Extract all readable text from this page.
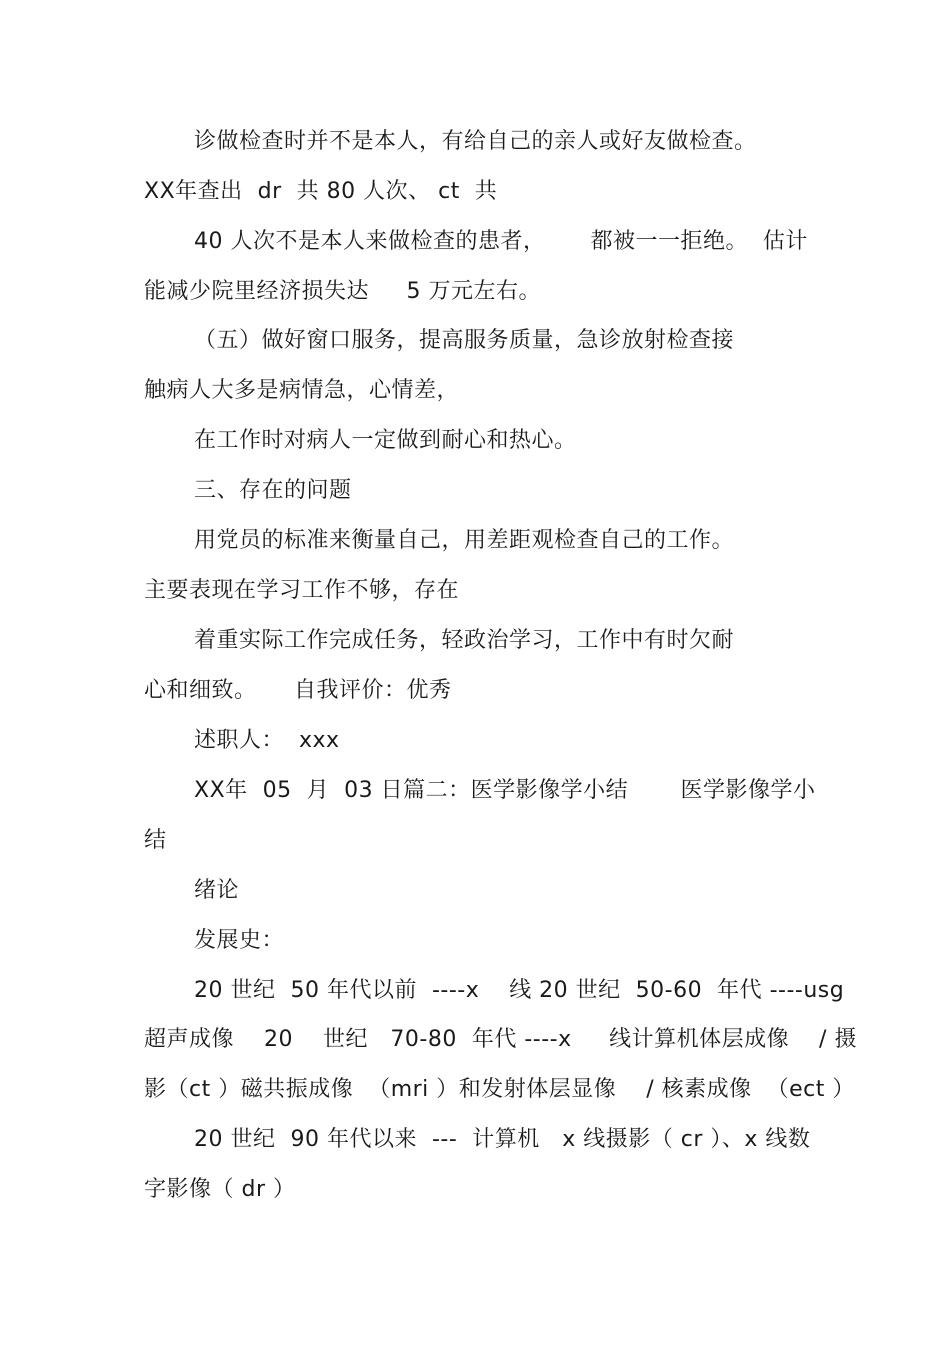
诊做检查时并不是本人，有给自己的亲人或好友做检查。
XX年查出  dr  共 80 人次、 ct  共
40 人次不是本人来做检查的患者，      都被一一拒绝。  估计
能减少院里经济损失达     5 万元左右。
（五）做好窗口服务，提高服务质量，急诊放射检查接
触病人大多是病情急，心情差，
在工作时对病人一定做到耐心和热心。
三、存在的问题
用党员的标准来衡量自己，用差距观检查自己的工作。
主要表现在学习工作不够，存在
着重实际工作完成任务，轻政治学习，工作中有时欠耐
心和细致。     自我评价：优秀
述职人：  xxx
XX年  05  月  03 日篇二：医学影像学小结       医学影像学小
结
绪论
发展史：
20 世纪  50 年代以前  ----x    线 20 世纪  50-60  年代 ----usg
超声成像    20    世纪   70-80  年代 ----x     线计算机体层成像    / 摄
影（ct ）磁共振成像  （mri ）和发射体层显像    / 核素成像  （ect ）
20 世纪  90 年代以来  ---  计算机   x 线摄影（ cr ）、x 线数
字影像（ dr ）
